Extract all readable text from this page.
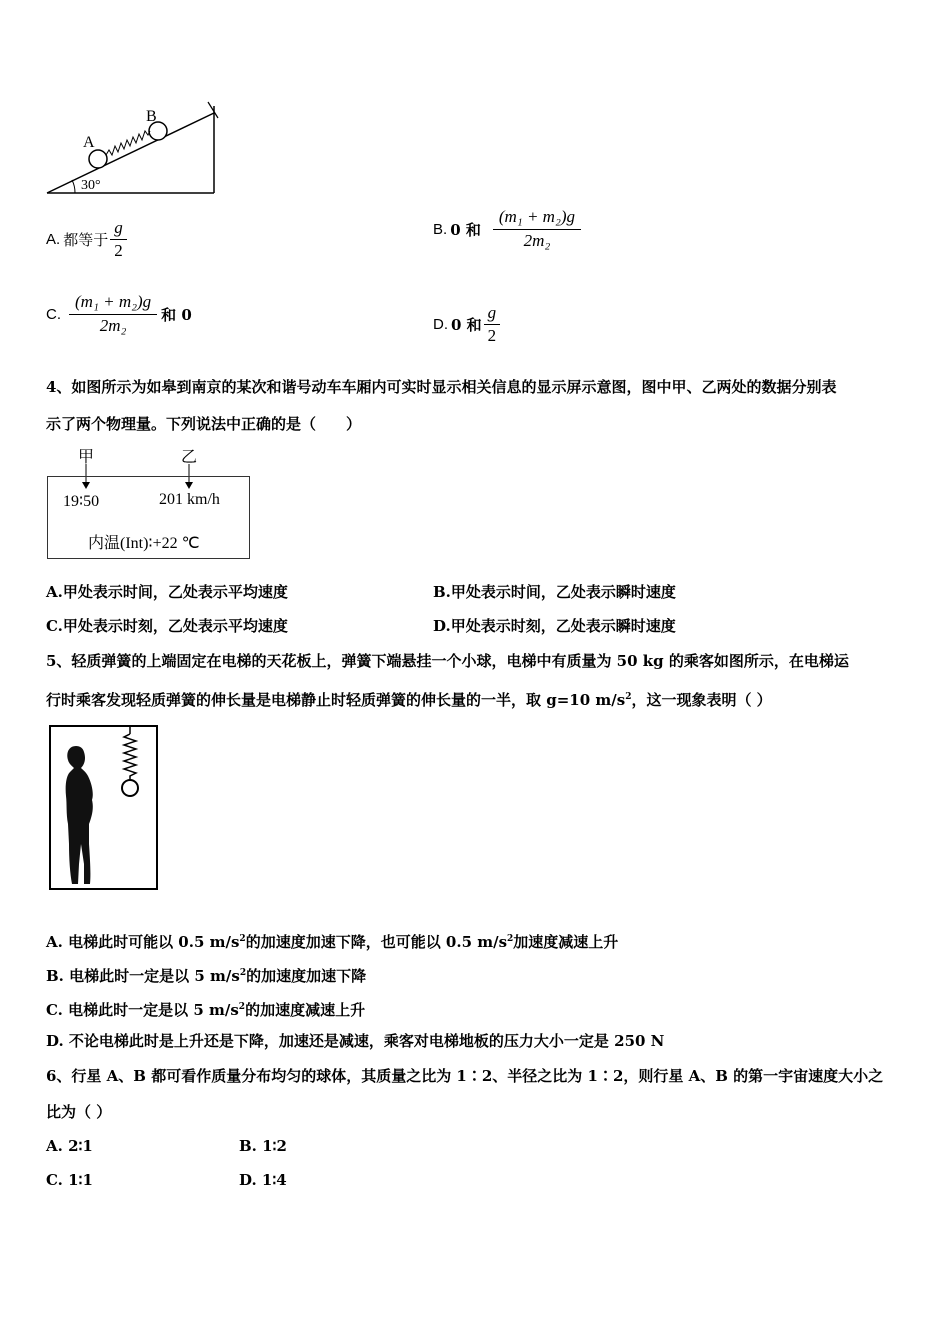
A
B
30°
A. 都等于 $\frac{g}{2}$	B. 0 和 $\frac{\text{(m₁ + m₂)g}}{\text{2m₂}}$
C. $\frac{\text{(m₁ + m₂)g}}{\text{2m₂}}$ 和 0
D. 0 和 $\frac{g}{2}$
4、如图所示为如皋到南京的某次和谐号动车车厢内可实时显示相关信息的显示屏示意图，图中甲、乙两处的数据分别表
示了两个物理量。下列说法中正确的是（　　）
甲	乙
19∶50	201 km/h
内温(Int)∶+22 ℃
A.甲处表示时间，乙处表示平均速度	B.甲处表示时间，乙处表示瞬时速度
C.甲处表示时刻，乙处表示平均速度	D.甲处表示时刻，乙处表示瞬时速度
5、轻质弹簧的上端固定在电梯的天花板上，弹簧下端悬挂一个小球，电梯中有质量为 50 kg 的乘客如图所示，在电梯运
行时乘客发现轻质弹簧的伸长量是电梯静止时轻质弹簧的伸长量的一半，取 g=10 $m/s^2$，这一现象表明（ ）
A. 电梯此时可能以 0.5 $m/s^2$的加速度加速下降，也可能以 0.5 $m/s^2$加速度减速上升
B. 电梯此时一定是以 5 $m/s^2$的加速度加速下降
C. 电梯此时一定是以 5 $m/s^2$的加速度减速上升
D. 不论电梯此时是上升还是下降，加速还是减速，乘客对电梯地板的压力大小一定是 250 N
6、行星 A、B 都可看作质量分布均匀的球体，其质量之比为 1∶2、半径之比为 1∶2，则行星 A、B 的第一宇宙速度大小之
比为（ ）
A. 2∶1	B. 1∶2
C. 1∶1	D. 1∶4
